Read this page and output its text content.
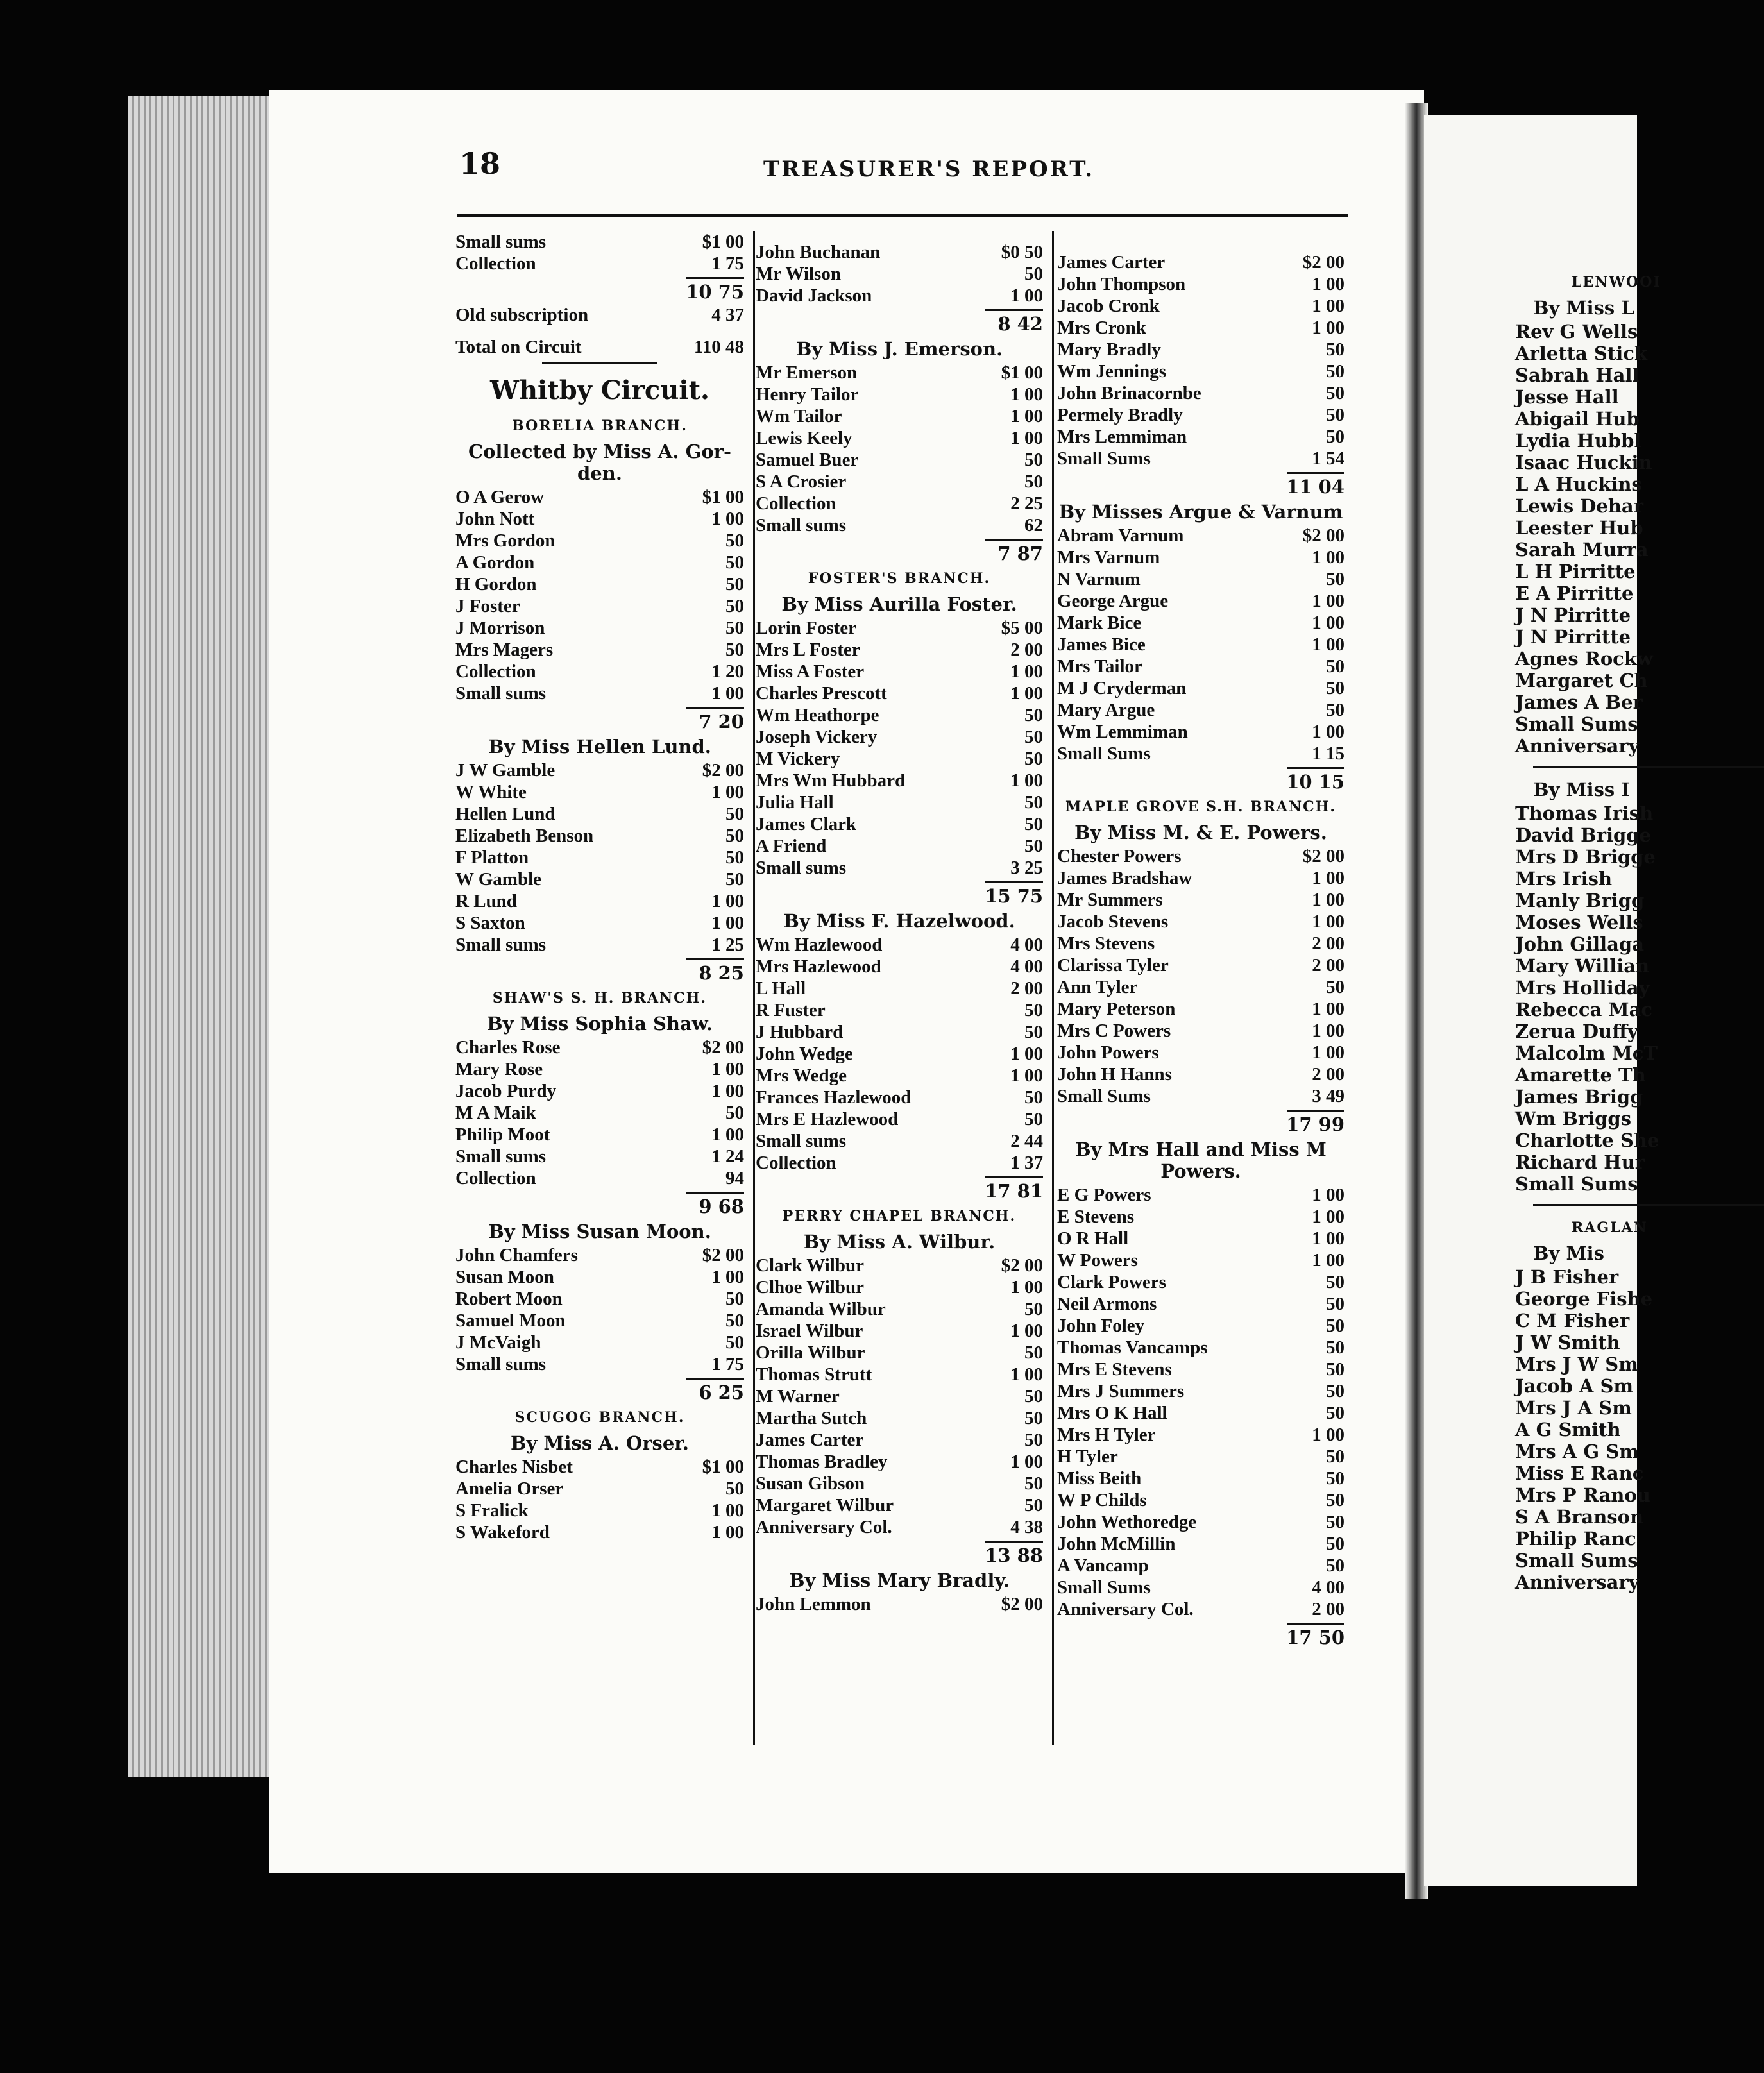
LENWOOI
By Miss L
Rev G Wells
Arletta Stick
Sabrah Hall
Jesse Hall
Abigail Hub
Lydia Hubbl
Isaac Huckin
L A Huckins
Lewis Dehar
Leester Hub
Sarah Murra
L H Pirritte
E A Pirritte
J N Pirritte
J N Pirritte
Agnes Rockw
Margaret Ch
James A Ber
Small Sums
Anniversary
By Miss I
Thomas Irish
David Brigge
Mrs D Brigge
Mrs Irish
Manly Brigg
Moses Wells
John Gillaga
Mary Willian
Mrs Holliday
Rebecca Mac
Zerua Duffy
Malcolm McT
Amarette Th
James Brigg
Wm Briggs
Charlotte She
Richard Hur
Small Sums
RAGLAN
By Mis
J B Fisher
George Fishe
C M Fisher
J W Smith
Mrs J W Sm
Jacob A Sm
Mrs J A Sm
A G Smith
Mrs A G Sm
Miss E Ranc
Mrs P Ranou
S A Branson
Philip Ranc
Small Sums
Anniversary
18	TREASURER'S REPORT.
Small sums	$1 00
Collection	1 75
10 75
Old subscription	4 37
Total on Circuit	110 48
Whitby Circuit.
BORELIA BRANCH.
Collected by Miss A. Gor-den.
O A Gerow	$1 00
John Nott	1 00
Mrs Gordon	50
A Gordon	50
H Gordon	50
J Foster	50
J Morrison	50
Mrs Magers	50
Collection	1 20
Small sums	1 00
7 20
By Miss Hellen Lund.
J W Gamble	$2 00
W White	1 00
Hellen Lund	50
Elizabeth Benson	50
F Platton	50
W Gamble	50
R Lund	1 00
S Saxton	1 00
Small sums	1 25
8 25
SHAW'S S. H. BRANCH.
By Miss Sophia Shaw.
Charles Rose	$2 00
Mary Rose	1 00
Jacob Purdy	1 00
M A Maik	50
Philip Moot	1 00
Small sums	1 24
Collection	94
9 68
By Miss Susan Moon.
John Chamfers	$2 00
Susan Moon	1 00
Robert Moon	50
Samuel Moon	50
J McVaigh	50
Small sums	1 75
6 25
SCUGOG BRANCH.
By Miss A. Orser.
Charles Nisbet	$1 00
Amelia Orser	50
S Fralick	1 00
S Wakeford	1 00
John Buchanan	$0 50
Mr Wilson	50
David Jackson	1 00
8 42
By Miss J. Emerson.
Mr Emerson	$1 00
Henry Tailor	1 00
Wm Tailor	1 00
Lewis Keely	1 00
Samuel Buer	50
S A Crosier	50
Collection	2 25
Small sums	62
7 87
FOSTER'S BRANCH.
By Miss Aurilla Foster.
Lorin Foster	$5 00
Mrs L Foster	2 00
Miss A Foster	1 00
Charles Prescott	1 00
Wm Heathorpe	50
Joseph Vickery	50
M Vickery	50
Mrs Wm Hubbard	1 00
Julia Hall	50
James Clark	50
A Friend	50
Small sums	3 25
15 75
By Miss F. Hazelwood.
Wm Hazlewood	4 00
Mrs Hazlewood	4 00
L Hall	2 00
R Fuster	50
J Hubbard	50
John Wedge	1 00
Mrs Wedge	1 00
Frances Hazlewood	50
Mrs E Hazlewood	50
Small sums	2 44
Collection	1 37
17 81
PERRY CHAPEL BRANCH.
By Miss A. Wilbur.
Clark Wilbur	$2 00
Clhoe Wilbur	1 00
Amanda Wilbur	50
Israel Wilbur	1 00
Orilla Wilbur	50
Thomas Strutt	1 00
M Warner	50
Martha Sutch	50
James Carter	50
Thomas Bradley	1 00
Susan Gibson	50
Margaret Wilbur	50
Anniversary Col.	4 38
13 88
By Miss Mary Bradly.
John Lemmon	$2 00
James Carter	$2 00
John Thompson	1 00
Jacob Cronk	1 00
Mrs Cronk	1 00
Mary Bradly	50
Wm Jennings	50
John Brinacornbe	50
Permely Bradly	50
Mrs Lemmiman	50
Small Sums	1 54
11 04
By Misses Argue & Varnum
Abram Varnum	$2 00
Mrs Varnum	1 00
N Varnum	50
George Argue	1 00
Mark Bice	1 00
James Bice	1 00
Mrs Tailor	50
M J Cryderman	50
Mary Argue	50
Wm Lemmiman	1 00
Small Sums	1 15
10 15
MAPLE GROVE S.H. BRANCH.
By Miss M. & E. Powers.
Chester Powers	$2 00
James Bradshaw	1 00
Mr Summers	1 00
Jacob Stevens	1 00
Mrs Stevens	2 00
Clarissa Tyler	2 00
Ann Tyler	50
Mary Peterson	1 00
Mrs C Powers	1 00
John Powers	1 00
John H Hanns	2 00
Small Sums	3 49
17 99
By Mrs Hall and Miss M Powers.
E G Powers	1 00
E Stevens	1 00
O R Hall	1 00
W Powers	1 00
Clark Powers	50
Neil Armons	50
John Foley	50
Thomas Vancamps	50
Mrs E Stevens	50
Mrs J Summers	50
Mrs O K Hall	50
Mrs H Tyler	1 00
H Tyler	50
Miss Beith	50
W P Childs	50
John Wethoredge	50
John McMillin	50
A Vancamp	50
Small Sums	4 00
Anniversary Col.	2 00
17 50
